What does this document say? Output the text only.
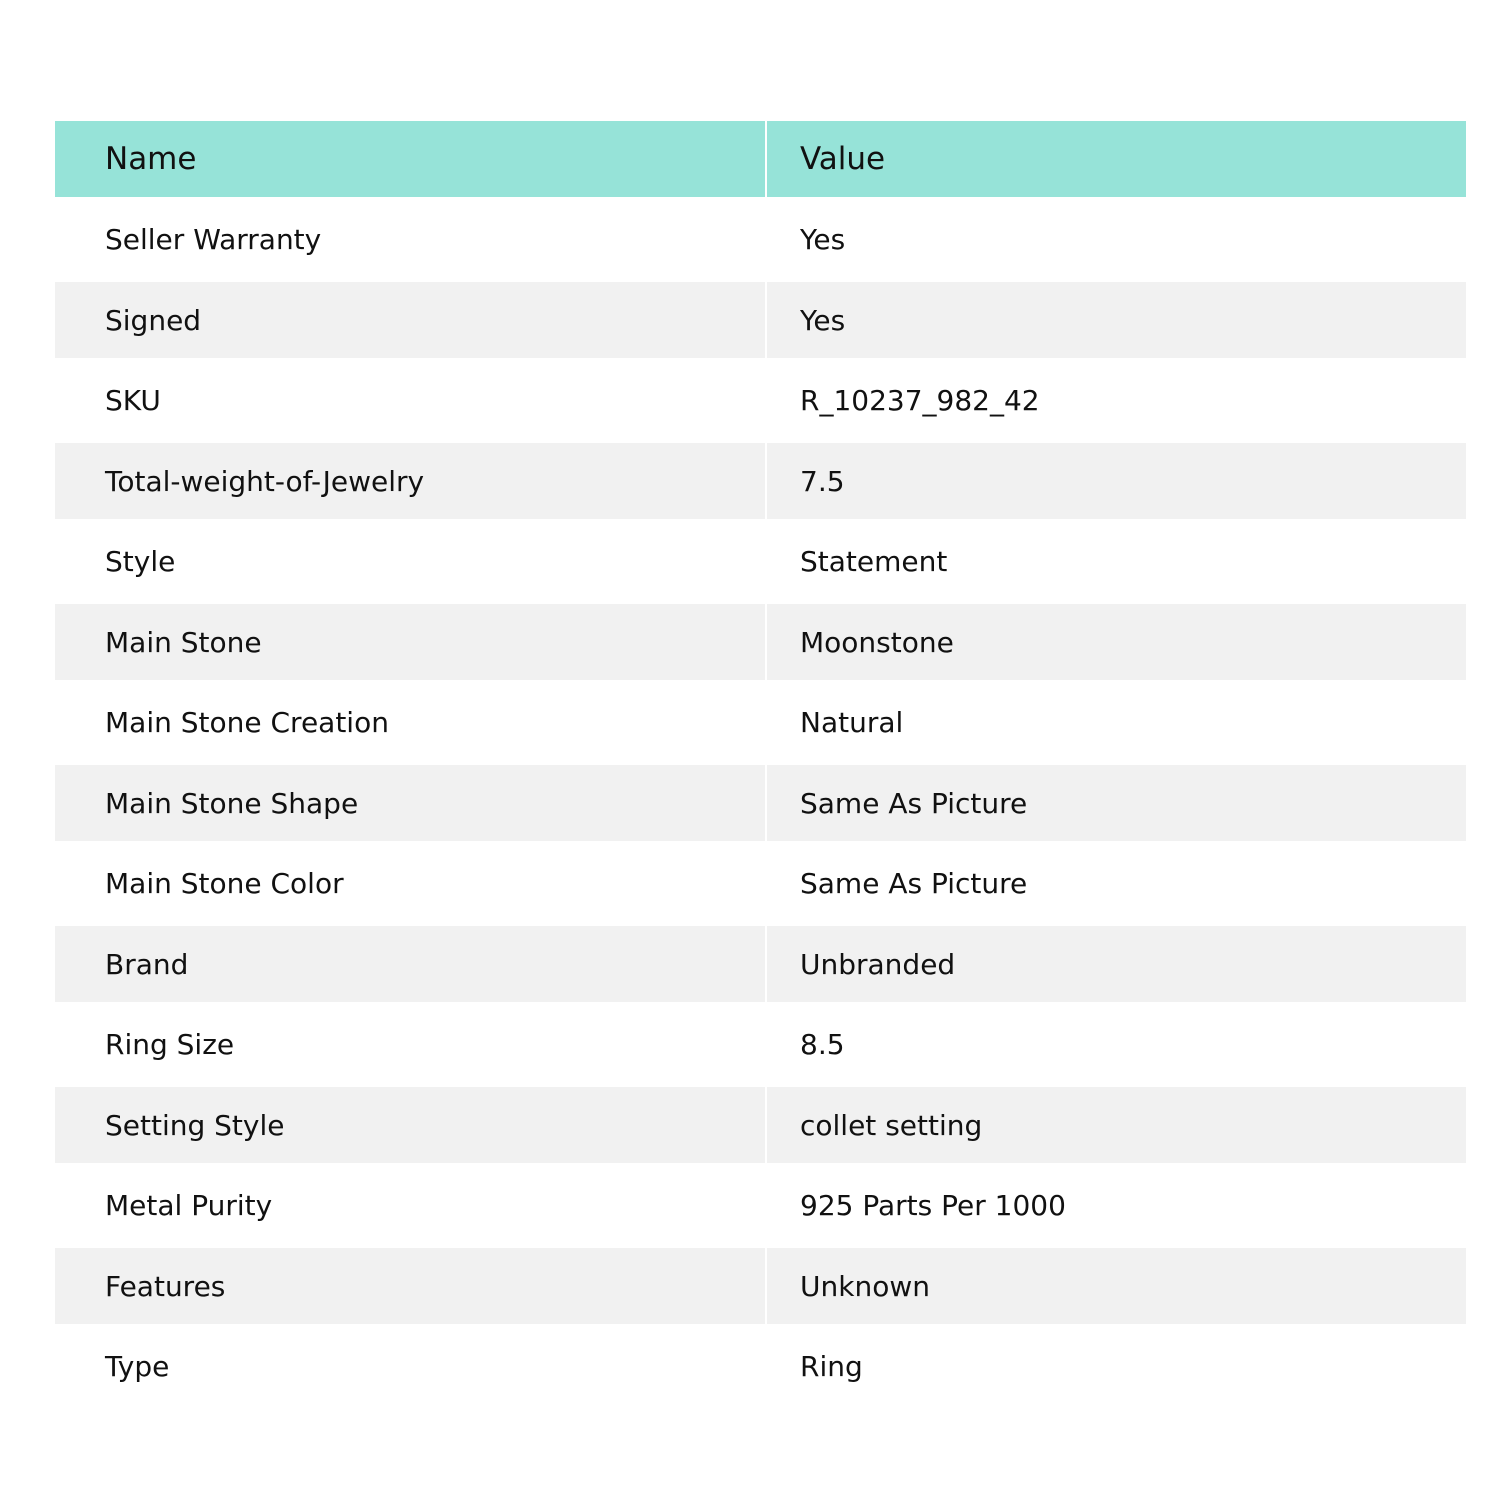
Name	Value
Seller Warranty	Yes
Signed	Yes
SKU	R_10237_982_42
Total-weight-of-Jewelry	7.5
Style	Statement
Main Stone	Moonstone
Main Stone Creation	Natural
Main Stone Shape	Same As Picture
Main Stone Color	Same As Picture
Brand	Unbranded
Ring Size	8.5
Setting Style	collet setting
Metal Purity	925 Parts Per 1000
Features	Unknown
Type	Ring
